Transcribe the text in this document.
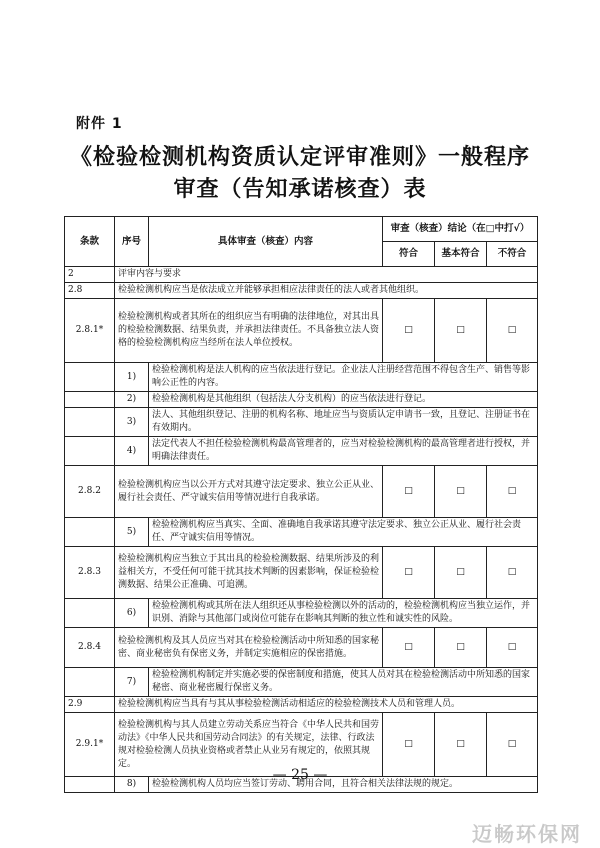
附件 1
《检验检测机构资质认定评审准则》一般程序
审查（告知承诺核查）表
条款	序号	具体审查（核查）内容	审查（核查）结论（在□中打√）		
			符合	基本符合	不符合
2	评审内容与要求				
2.8	检验检测机构应当是依法成立并能够承担相应法律责任的法人或者其他组织。				
2.8.1*	检验检测机构或者其所在的组织应当有明确的法律地位，对其出具的检验检测数据、结果负责，并承担法律责任。不具备独立法人资格的检验检测机构应当经所在法人单位授权。		□	□	□
	1)	检验检测机构是法人机构的应当依法进行登记。企业法人注册经营范围不得包含生产、销售等影响公正性的内容。			
	2)	检验检测机构是其他组织（包括法人分支机构）的应当依法进行登记。			
	3)	法人、其他组织登记、注册的机构名称、地址应当与资质认定申请书一致，且登记、注册证书在有效期内。			
	4)	法定代表人不担任检验检测机构最高管理者的，应当对检验检测机构的最高管理者进行授权，并明确法律责任。			
2.8.2	检验检测机构应当以公开方式对其遵守法定要求、独立公正从业、履行社会责任、严守诚实信用等情况进行自我承诺。		□	□	□
	5)	检验检测机构应当真实、全面、准确地自我承诺其遵守法定要求、独立公正从业、履行社会责任、严守诚实信用等情况。			
2.8.3	检验检测机构应当独立于其出具的检验检测数据、结果所涉及的利益相关方，不受任何可能干扰其技术判断的因素影响，保证检验检测数据、结果公正准确、可追溯。		□	□	□
	6)	检验检测机构或其所在法人组织还从事检验检测以外的活动的，检验检测机构应当独立运作，并识别、消除与其他部门或岗位可能存在影响其判断的独立性和诚实性的风险。			
2.8.4	检验检测机构及其人员应当对其在检验检测活动中所知悉的国家秘密、商业秘密负有保密义务，并制定实施相应的保密措施。		□	□	□
	7)	检验检测机构制定并实施必要的保密制度和措施，使其人员对其在检验检测活动中所知悉的国家秘密、商业秘密履行保密义务。			
2.9	检验检测机构应当具有与其从事检验检测活动相适应的检验检测技术人员和管理人员。				
2.9.1*	检验检测机构与其人员建立劳动关系应当符合《中华人民共和国劳动法》《中华人民共和国劳动合同法》的有关规定，法律、行政法规对检验检测人员执业资格或者禁止从业另有规定的，依照其规定。		□	□	□
	8)	检验检测机构人员均应当签订劳动、聘用合同，且符合相关法律法规的规定。			
— 25 —
迈畅环保网
